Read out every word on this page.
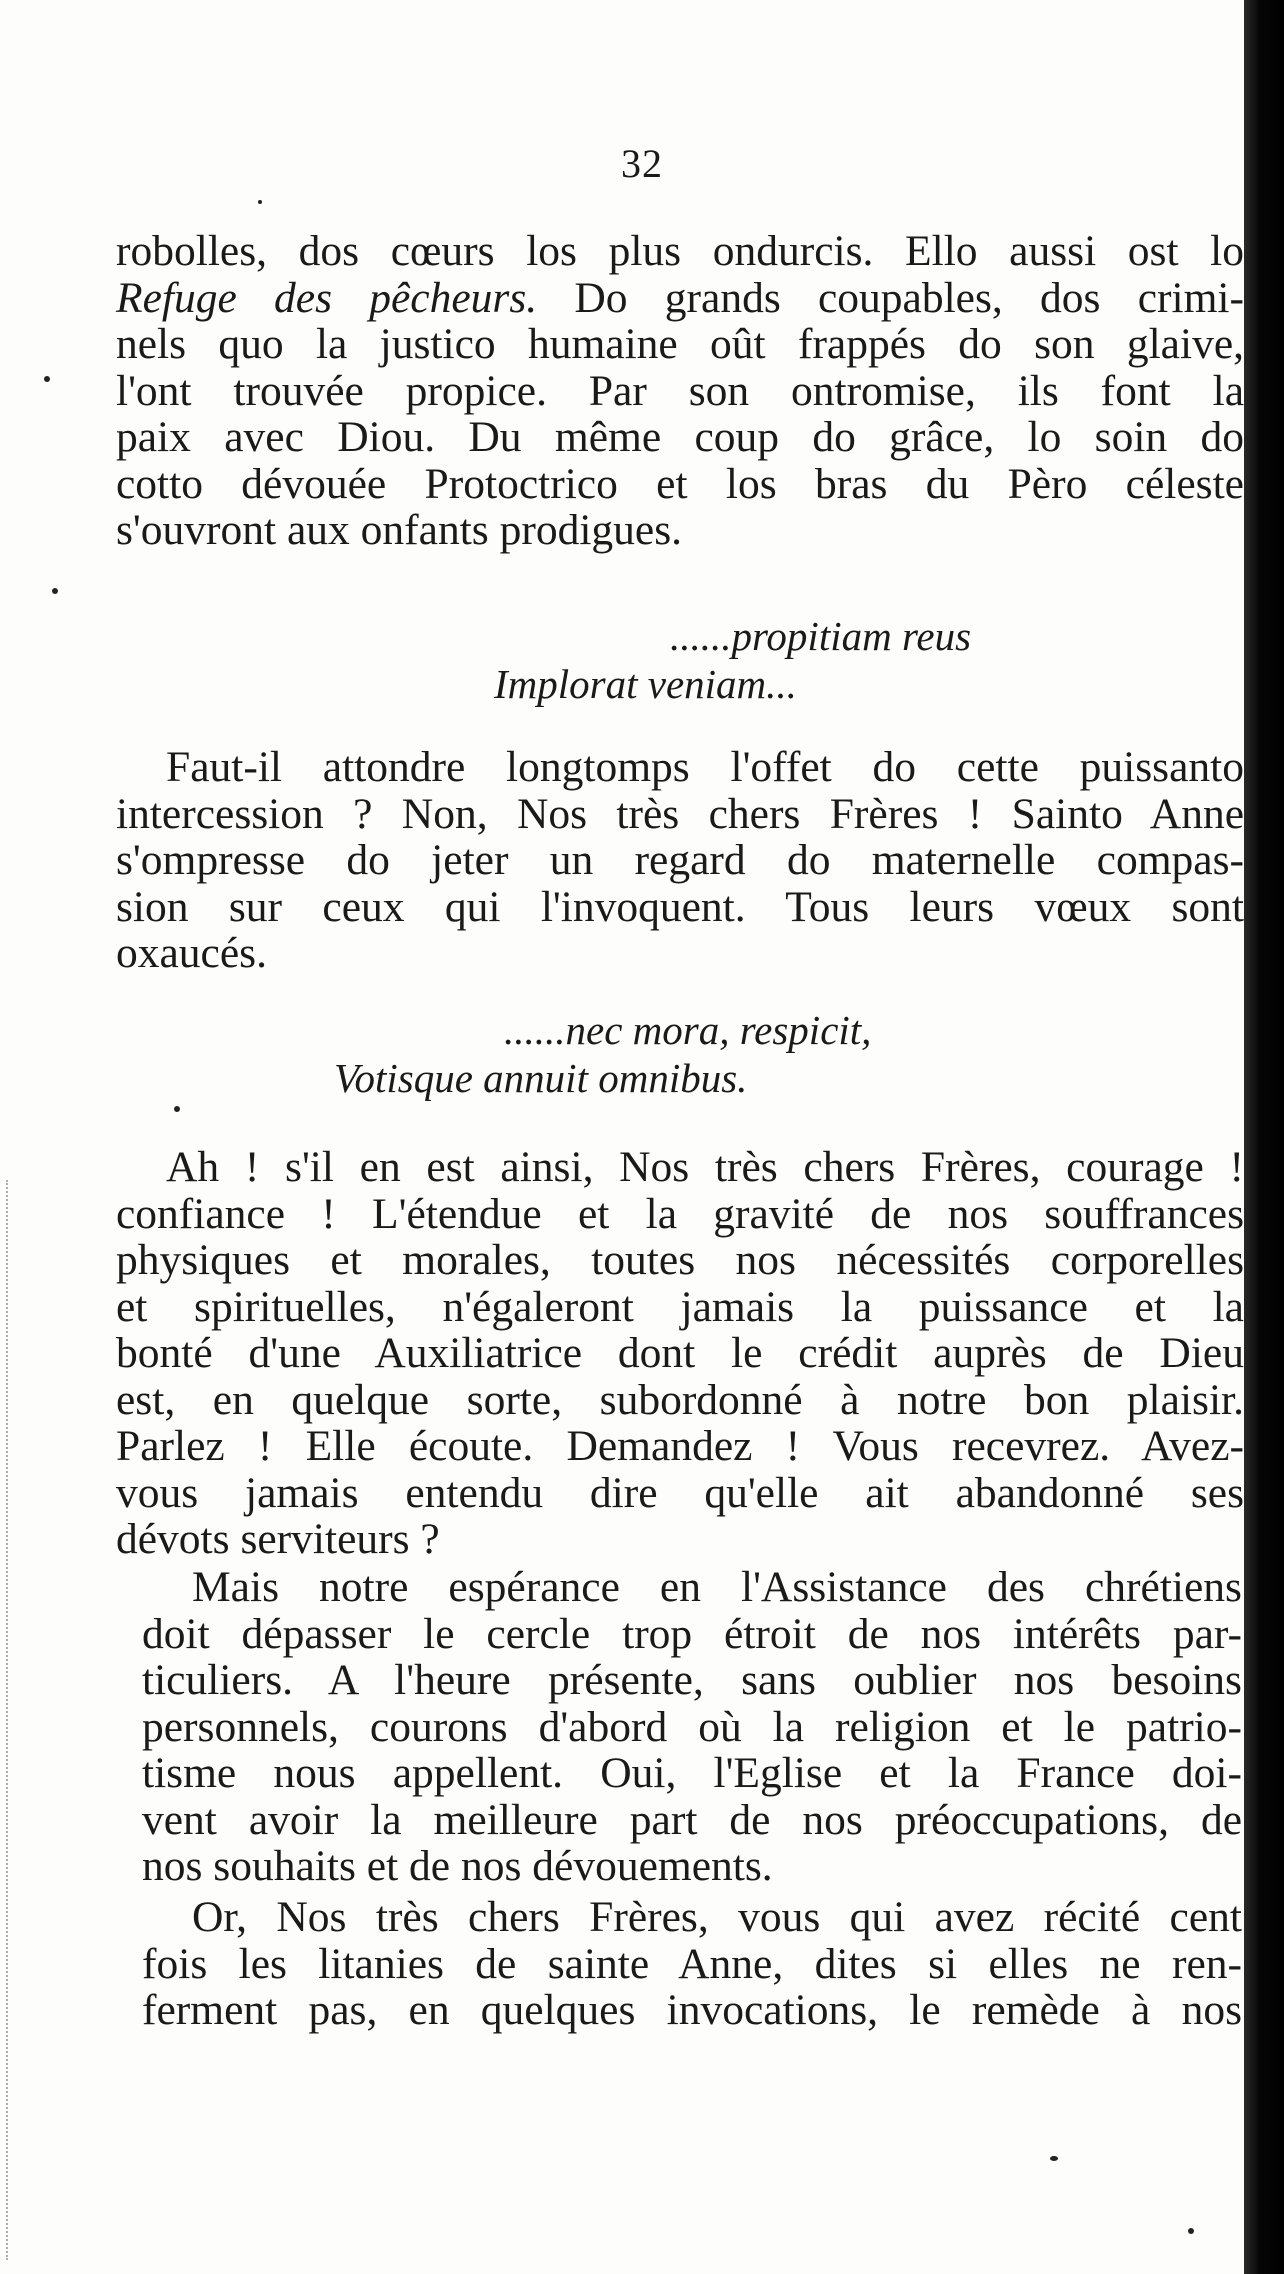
32
robolles, dos cœurs los plus ondurcis. Ello aussi ost lo
Refuge des pêcheurs. Do grands coupables, dos crimi-
nels quo la justico humaine oût frappés do son glaive,
l'ont trouvée propice. Par son ontromise, ils font la
paix avec Diou. Du même coup do grâce, lo soin do
cotto dévouée Protoctrico et los bras du Pèro céleste
s'ouvront aux onfants prodigues.
......propitiam reus
Implorat veniam...
Faut-il attondre longtomps l'offet do cette puissanto
intercession ? Non, Nos très chers Frères ! Sainto Anne
s'ompresse do jeter un regard do maternelle compas-
sion sur ceux qui l'invoquent. Tous leurs vœux sont
oxaucés.
......nec mora, respicit,
Votisque annuit omnibus.
Ah ! s'il en est ainsi, Nos très chers Frères, courage !
confiance ! L'étendue et la gravité de nos souffrances
physiques et morales, toutes nos nécessités corporelles
et spirituelles, n'égaleront jamais la puissance et la
bonté d'une Auxiliatrice dont le crédit auprès de Dieu
est, en quelque sorte, subordonné à notre bon plaisir.
Parlez ! Elle écoute. Demandez ! Vous recevrez. Avez-
vous jamais entendu dire qu'elle ait abandonné ses
dévots serviteurs ?
Mais notre espérance en l'Assistance des chrétiens
doit dépasser le cercle trop étroit de nos intérêts par-
ticuliers. A l'heure présente, sans oublier nos besoins
personnels, courons d'abord où la religion et le patrio-
tisme nous appellent. Oui, l'Eglise et la France doi-
vent avoir la meilleure part de nos préoccupations, de
nos souhaits et de nos dévouements.
Or, Nos très chers Frères, vous qui avez récité cent
fois les litanies de sainte Anne, dites si elles ne ren-
ferment pas, en quelques invocations, le remède à nos
